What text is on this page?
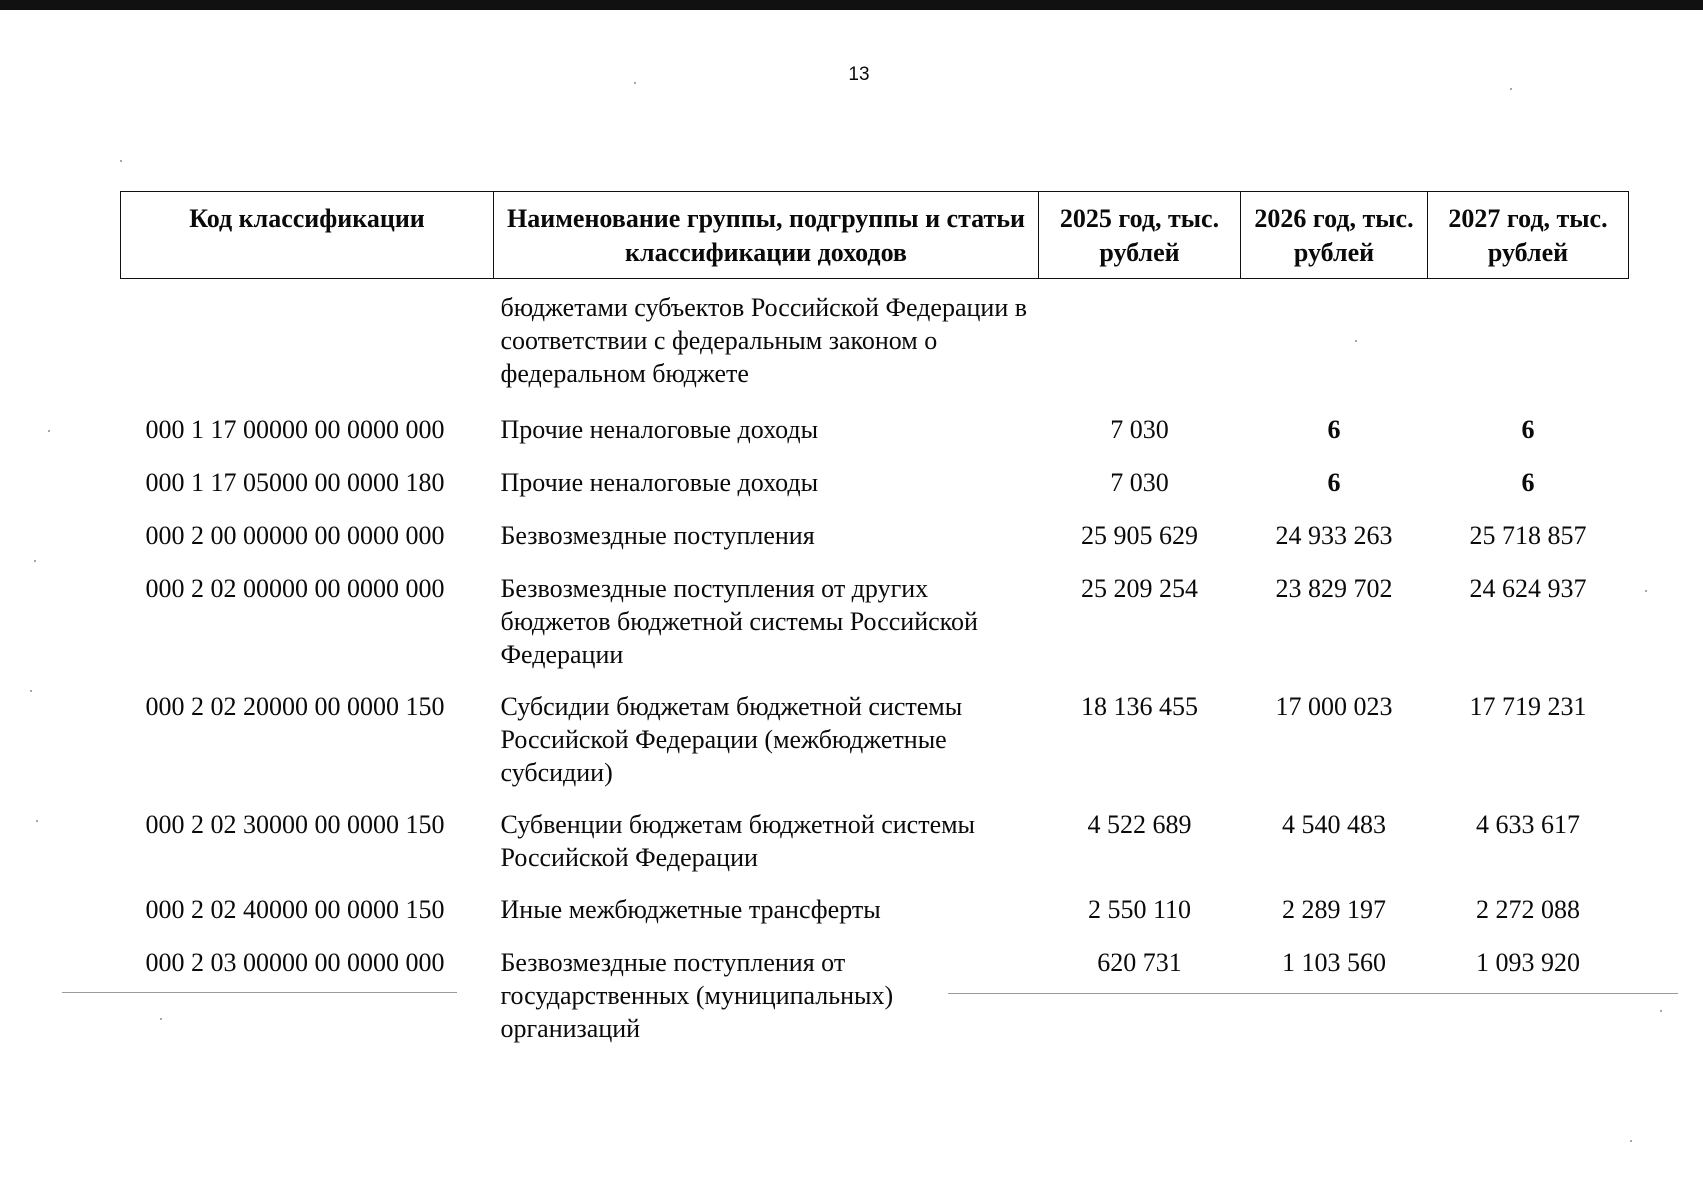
13
Код классификации	Наименование группы, подгруппы и статьи классификации доходов	2025 год, тыс. рублей	2026 год, тыс. рублей	2027 год, тыс. рублей
	бюджетами субъектов Российской Федерации в соответствии с федеральным законом о федеральном бюджете			
000 1 17 00000 00 0000 000	Прочие неналоговые доходы	7 030	6	6
000 1 17 05000 00 0000 180	Прочие неналоговые доходы	7 030	6	6
000 2 00 00000 00 0000 000	Безвозмездные поступления	25 905 629	24 933 263	25 718 857
000 2 02 00000 00 0000 000	Безвозмездные поступления от других бюджетов бюджетной системы Российской Федерации	25 209 254	23 829 702	24 624 937
000 2 02 20000 00 0000 150	Субсидии бюджетам бюджетной системы Российской Федерации (межбюджетные субсидии)	18 136 455	17 000 023	17 719 231
000 2 02 30000 00 0000 150	Субвенции бюджетам бюджетной системы Российской Федерации	4 522 689	4 540 483	4 633 617
000 2 02 40000 00 0000 150	Иные межбюджетные трансферты	2 550 110	2 289 197	2 272 088
000 2 03 00000 00 0000 000	Безвозмездные поступления от государственных (муниципальных) организаций	620 731	1 103 560	1 093 920
